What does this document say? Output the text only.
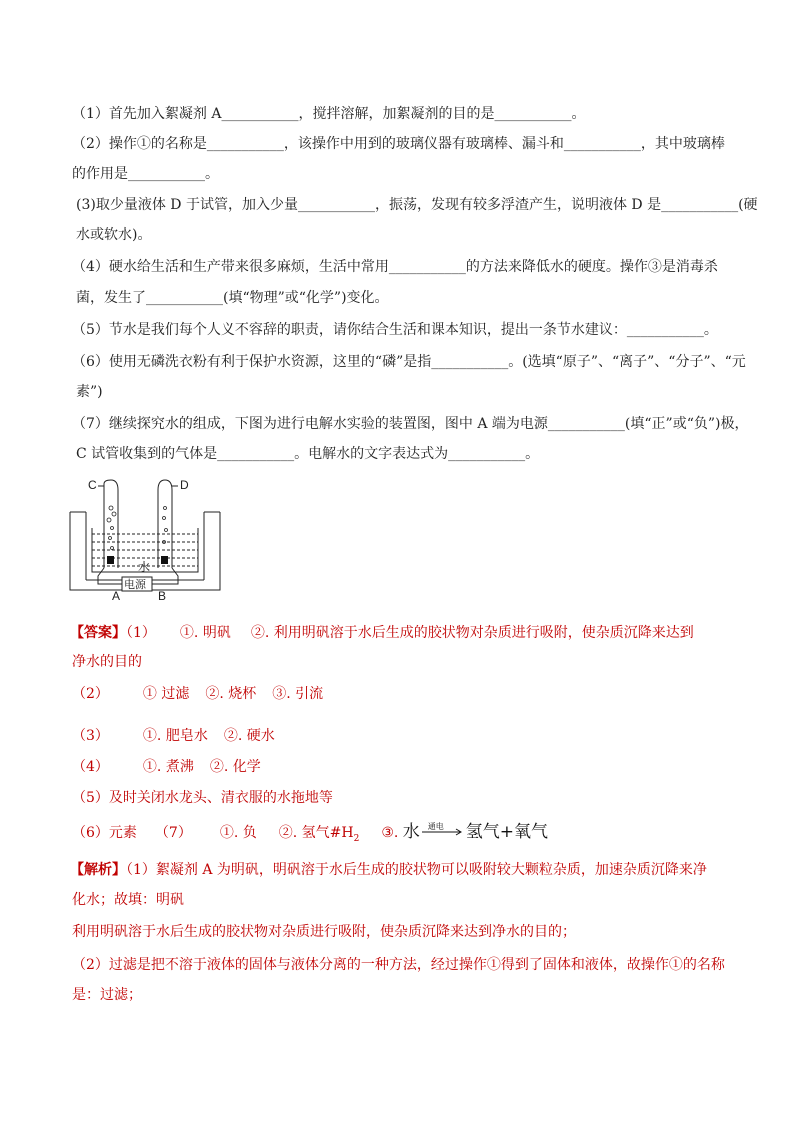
（1）首先加入絮凝剂 A___________，搅拌溶解，加絮凝剂的目的是___________。
（2）操作①的名称是___________，该操作中用到的玻璃仪器有玻璃棒、漏斗和___________，其中玻璃棒
的作用是___________。
(3)取少量液体 D 于试管，加入少量___________，振荡，发现有较多浮渣产生，说明液体 D 是___________(硬
水或软水)。
（4）硬水给生活和生产带来很多麻烦，生活中常用___________的方法来降低水的硬度。操作③是消毒杀
菌，发生了___________(填“物理”或“化学”)变化。
（5）节水是我们每个人义不容辞的职责，请你结合生活和课本知识，提出一条节水建议：___________。
（6）使用无磷洗衣粉有利于保护水资源，这里的“磷”是指___________。(选填“原子”、“离子”、“分子”、“元
素”)
（7）继续探究水的组成，下图为进行电解水实验的装置图，图中 A 端为电源___________(填“正”或“负”)极，
C 试管收集到的气体是___________。电解水的文字表达式为___________。
C	D
水
电源
A	B
【答案】（1） ①. 明矾 ②. 利用明矾溶于水后生成的胶状物对杂质进行吸附，使杂质沉降来达到
净水的目的
（2） ① 过滤 ②. 烧杯 ③. 引流
（3） ①. 肥皂水 ②. 硬水
（4） ①. 煮沸 ②. 化学
（5）及时关闭水龙头、清衣服的水拖地等
（6）元素 （7） ①. 负 ②. 氢气$\#H_2$ ③. 水 通电 氢气+氧气
【解析】（1）絮凝剂 A 为明矾，明矾溶于水后生成的胶状物可以吸附较大颗粒杂质，加速杂质沉降来净
化水；故填：明矾
利用明矾溶于水后生成的胶状物对杂质进行吸附，使杂质沉降来达到净水的目的；
（2）过滤是把不溶于液体的固体与液体分离的一种方法，经过操作①得到了固体和液体，故操作①的名称
是：过滤；
